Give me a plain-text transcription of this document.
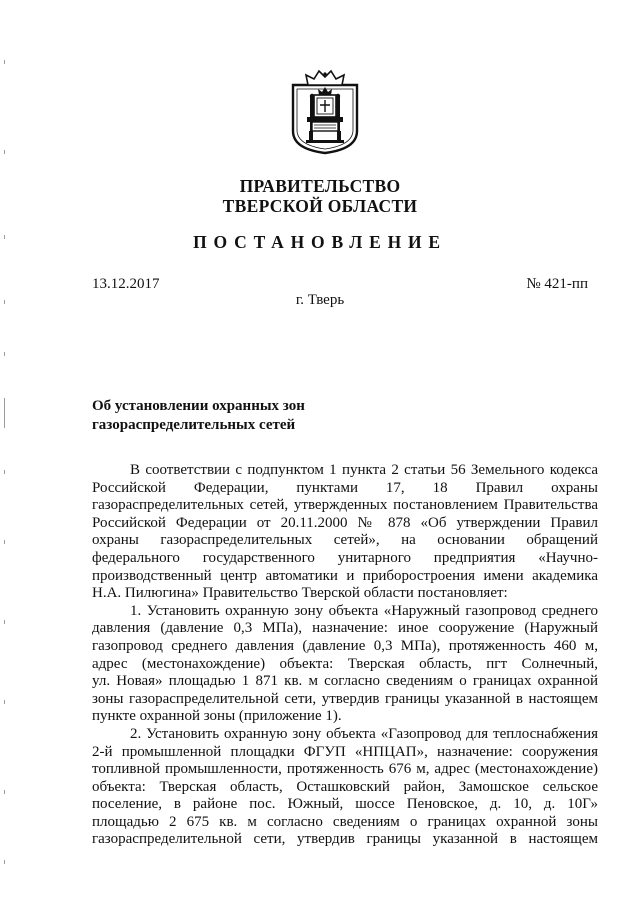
ПРАВИТЕЛЬСТВО
ТВЕРСКОЙ ОБЛАСТИ
ПОСТАНОВЛЕНИЕ
13.12.2017	№ 421-пп
г. Тверь
Об установлении охранных зон
газораспределительных сетей

В соответствии с подпунктом 1 пункта 2 статьи 56 Земельного кодекса
Российской Федерации, пунктами 17, 18 Правил охраны
газораспределительных сетей, утвержденных постановлением Правительства
Российской Федерации от 20.11.2000 № 878 «Об утверждении Правил
охраны газораспределительных сетей», на основании обращений
федерального государственного унитарного предприятия «Научно-
производственный центр автоматики и приборостроения имени академика
Н.А. Пилюгина» Правительство Тверской области постановляет:

1. Установить охранную зону объекта «Наружный газопровод среднего
давления (давление 0,3 МПа), назначение: иное сооружение (Наружный
газопровод среднего давления (давление 0,3 МПа), протяженность 460 м,
адрес (местонахождение) объекта: Тверская область, пгт Солнечный,
ул. Новая» площадью 1 871 кв. м согласно сведениям о границах охранной
зоны газораспределительной сети, утвердив границы указанной в настоящем
пункте охранной зоны (приложение 1).

2. Установить охранную зону объекта «Газопровод для теплоснабжения
2-й промышленной площадки ФГУП «НПЦАП», назначение: сооружения
топливной промышленности, протяженность 676 м, адрес (местонахождение)
объекта: Тверская область, Осташковский район, Замошское сельское
поселение, в районе пос. Южный, шоссе Пеновское, д. 10, д. 10Г»
площадью 2 675 кв. м согласно сведениям о границах охранной зоны
газораспределительной сети, утвердив границы указанной в настоящем
